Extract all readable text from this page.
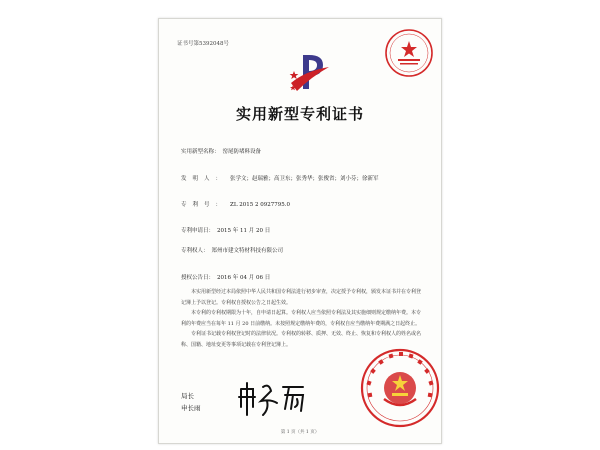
证书号第5392048号
实用新型专利证书
实用新型名称： 窑尾防堵料设备
发明人： 张学文；赵瑞雅；高卫东；张秀华；张俊省；刘小芬；徐新军
专利号： ZL 2015 2 0927795.0
专利申请日： 2015 年 11 月 20 日
专利权人： 郑州市建文特材科技有限公司
授权公告日： 2016 年 04 月 06 日

本实用新型经过本局依照中华人民共和国专利法进行初步审查，决定授予专利权，颁发本证书并在专利登记簿上予以登记。专利权自授权公告之日起生效。

本专利的专利权期限为十年，自申请日起算。专利权人应当依照专利法及其实施细则规定缴纳年费。本专利的年费应当在每年 11 月 20 日前缴纳。未按照规定缴纳年费的，专利权自应当缴纳年费期满之日起终止。

专利证书记载专利权登记时的法律状况。专利权的转移、质押、无效、终止、恢复和专利权人的姓名或名称、国籍、地址变更等事项记载在专利登记簿上。

局长
申长雨
第 1 页（共 1 页）
